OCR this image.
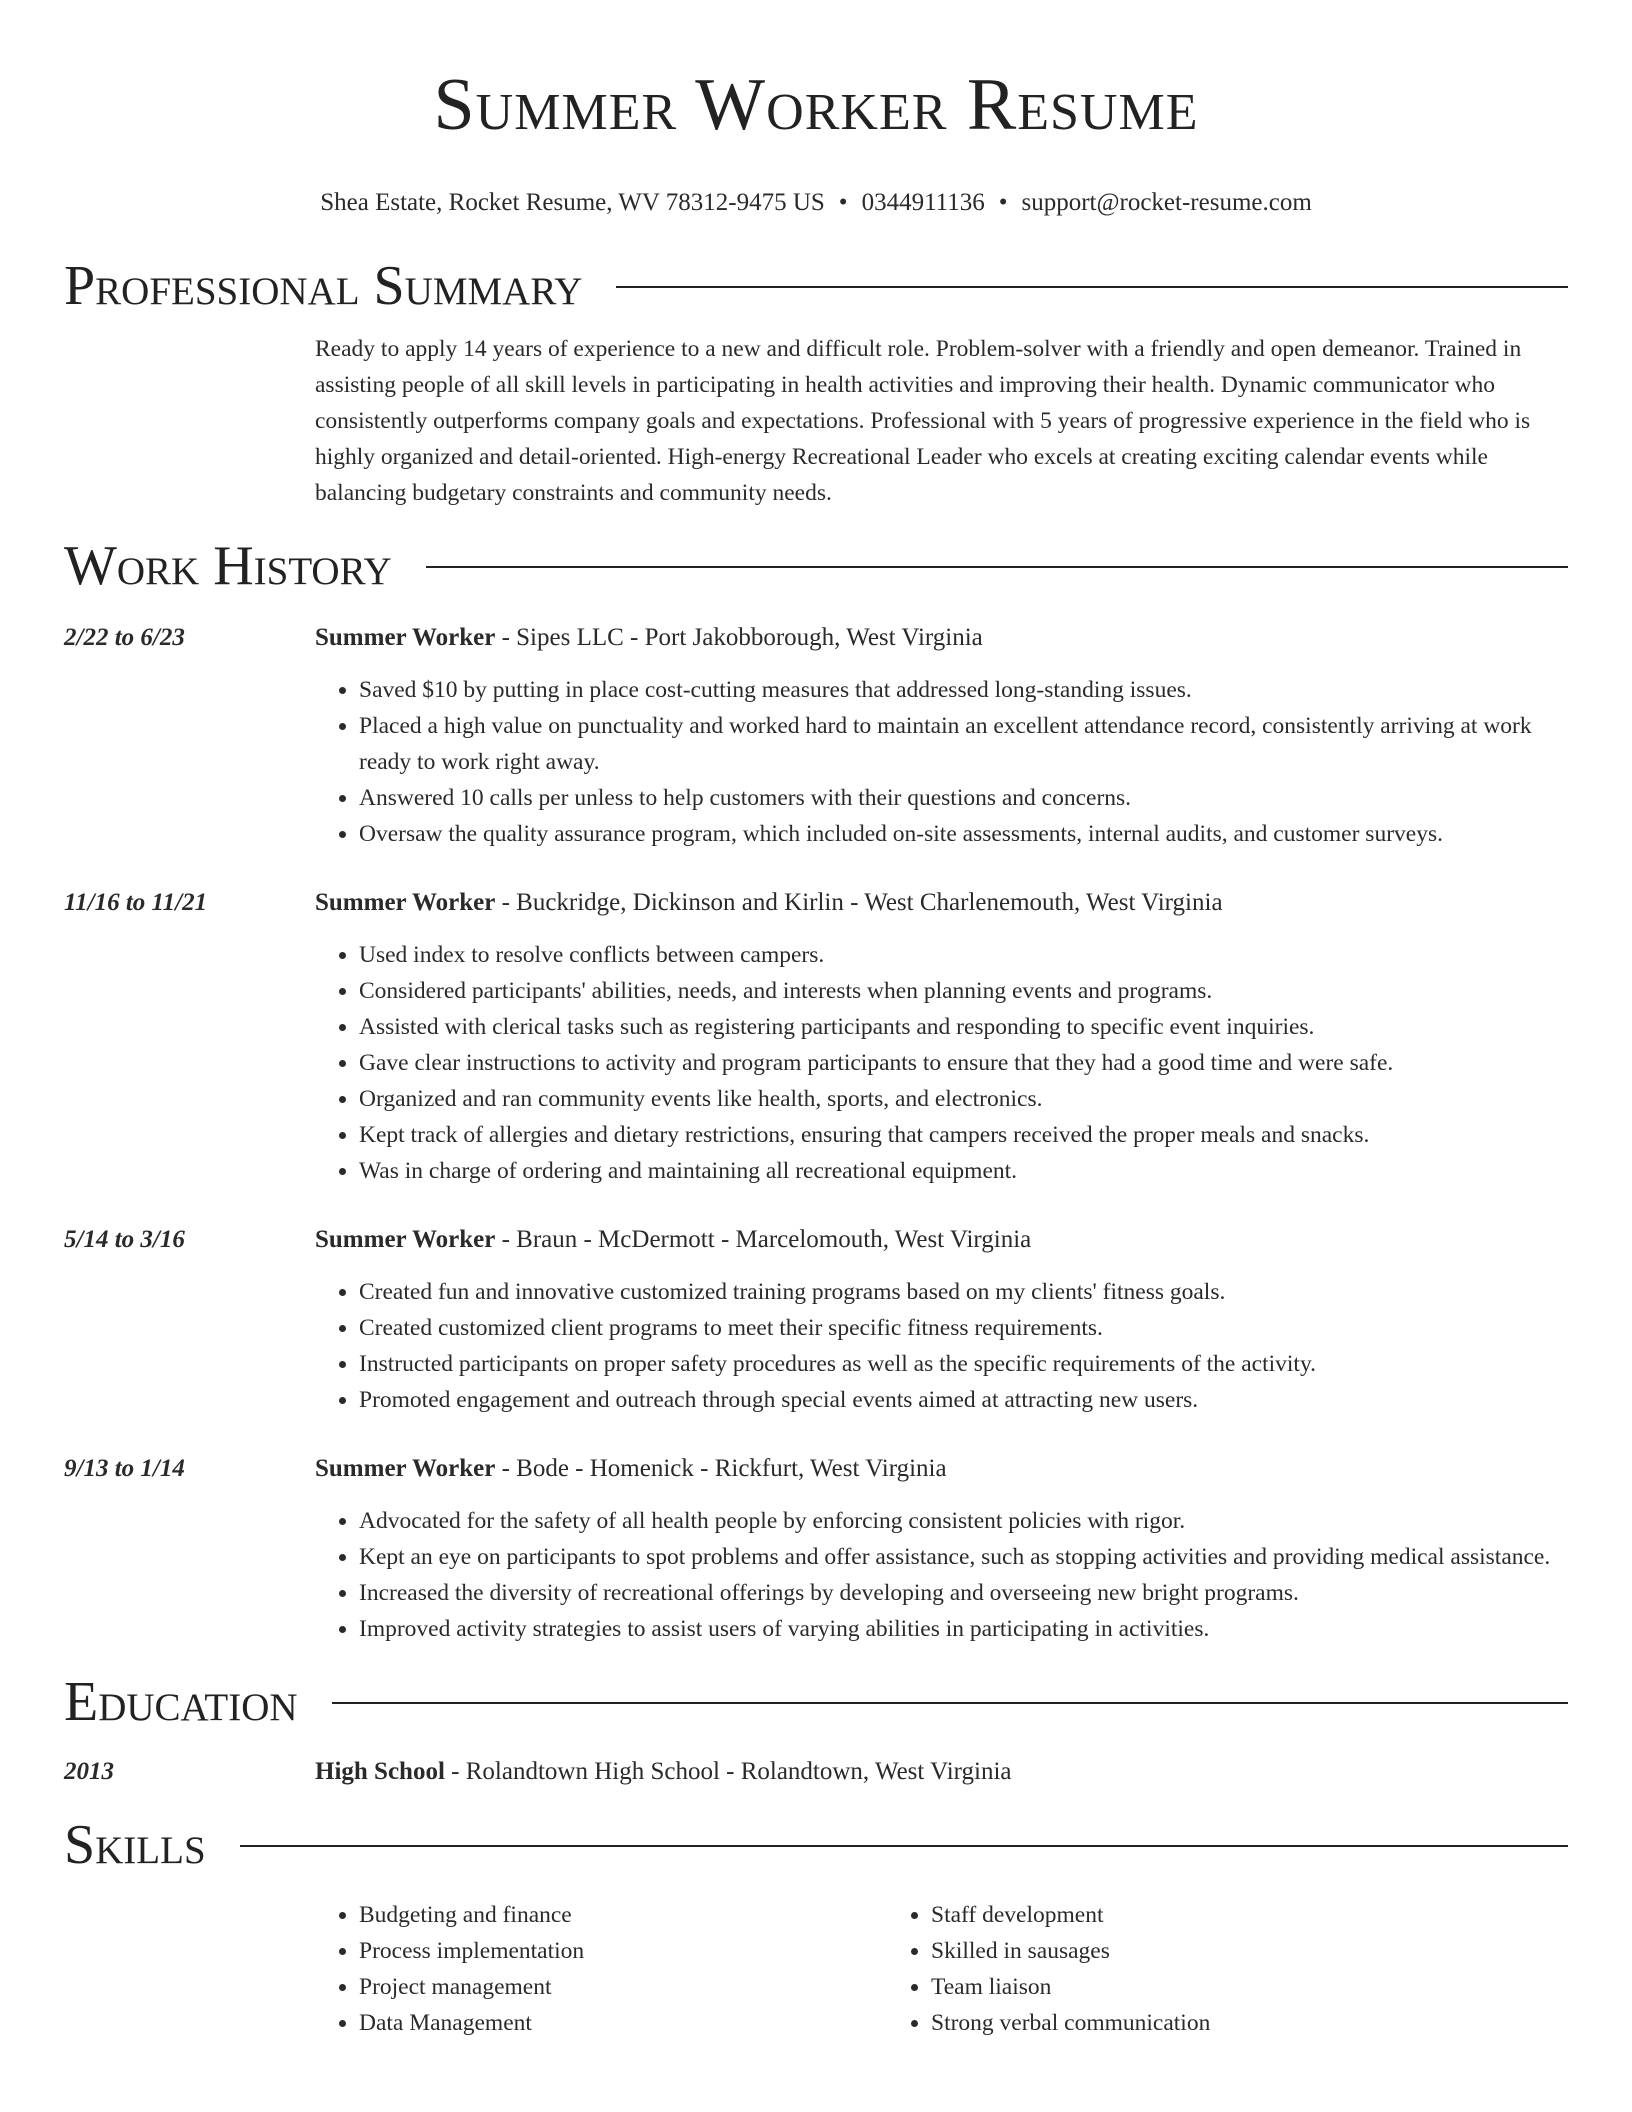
Summer Worker Resume
Shea Estate, Rocket Resume, WV 78312-9475 US • 0344911136 • support@rocket-resume.com
Professional Summary
Ready to apply 14 years of experience to a new and difficult role. Problem-solver with a friendly and open demeanor. Trained in assisting people of all skill levels in participating in health activities and improving their health. Dynamic communicator who consistently outperforms company goals and expectations. Professional with 5 years of progressive experience in the field who is highly organized and detail-oriented. High-energy Recreational Leader who excels at creating exciting calendar events while balancing budgetary constraints and community needs.
Work History
2/22 to 6/23	Summer Worker - Sipes LLC - Port Jakobborough, West Virginia
• Saved $10 by putting in place cost-cutting measures that addressed long-standing issues.
• Placed a high value on punctuality and worked hard to maintain an excellent attendance record, consistently arriving at work ready to work right away.
• Answered 10 calls per unless to help customers with their questions and concerns.
• Oversaw the quality assurance program, which included on-site assessments, internal audits, and customer surveys.
11/16 to 11/21	Summer Worker - Buckridge, Dickinson and Kirlin - West Charlenemouth, West Virginia
• Used index to resolve conflicts between campers.
• Considered participants' abilities, needs, and interests when planning events and programs.
• Assisted with clerical tasks such as registering participants and responding to specific event inquiries.
• Gave clear instructions to activity and program participants to ensure that they had a good time and were safe.
• Organized and ran community events like health, sports, and electronics.
• Kept track of allergies and dietary restrictions, ensuring that campers received the proper meals and snacks.
• Was in charge of ordering and maintaining all recreational equipment.
5/14 to 3/16	Summer Worker - Braun - McDermott - Marcelomouth, West Virginia
• Created fun and innovative customized training programs based on my clients' fitness goals.
• Created customized client programs to meet their specific fitness requirements.
• Instructed participants on proper safety procedures as well as the specific requirements of the activity.
• Promoted engagement and outreach through special events aimed at attracting new users.
9/13 to 1/14	Summer Worker - Bode - Homenick - Rickfurt, West Virginia
• Advocated for the safety of all health people by enforcing consistent policies with rigor.
• Kept an eye on participants to spot problems and offer assistance, such as stopping activities and providing medical assistance.
• Increased the diversity of recreational offerings by developing and overseeing new bright programs.
• Improved activity strategies to assist users of varying abilities in participating in activities.
Education
2013	High School - Rolandtown High School - Rolandtown, West Virginia
Skills
• Budgeting and finance
• Process implementation
• Project management
• Data Management
• Staff development
• Skilled in sausages
• Team liaison
• Strong verbal communication
